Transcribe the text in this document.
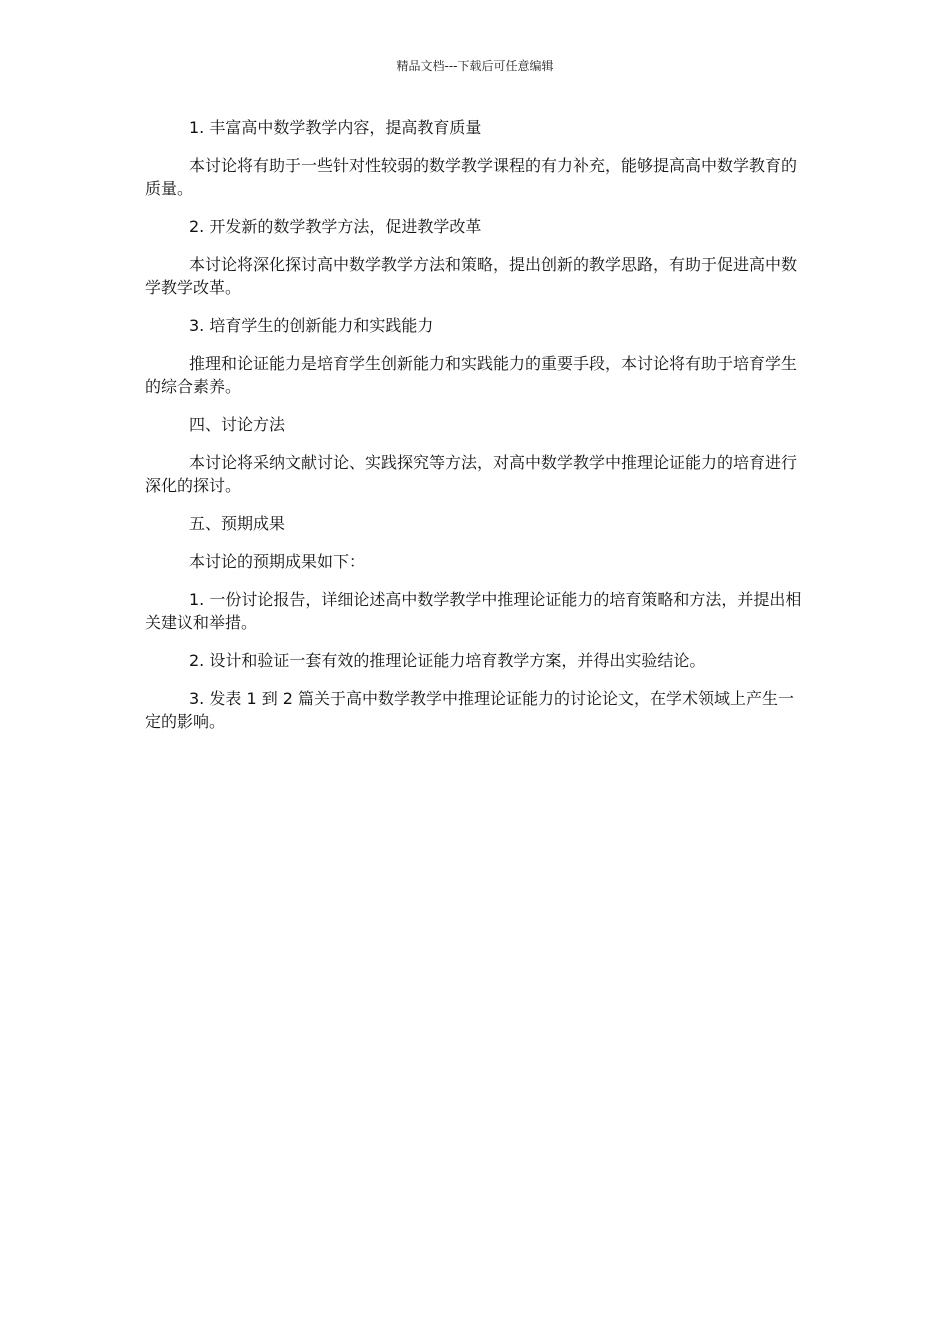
精品文档---下载后可任意编辑

1. 丰富高中数学教学内容，提高教育质量

本讨论将有助于一些针对性较弱的数学教学课程的有力补充，能够提高高中数学教育的质量。

2. 开发新的数学教学方法，促进教学改革

本讨论将深化探讨高中数学教学方法和策略，提出创新的教学思路，有助于促进高中数学教学改革。

3. 培育学生的创新能力和实践能力

推理和论证能力是培育学生创新能力和实践能力的重要手段，本讨论将有助于培育学生的综合素养。

四、讨论方法

本讨论将采纳文献讨论、实践探究等方法，对高中数学教学中推理论证能力的培育进行深化的探讨。

五、预期成果

本讨论的预期成果如下：

1. 一份讨论报告，详细论述高中数学教学中推理论证能力的培育策略和方法，并提出相关建议和举措。

2. 设计和验证一套有效的推理论证能力培育教学方案，并得出实验结论。

3. 发表 1 到 2 篇关于高中数学教学中推理论证能力的讨论论文，在学术领域上产生一定的影响。
